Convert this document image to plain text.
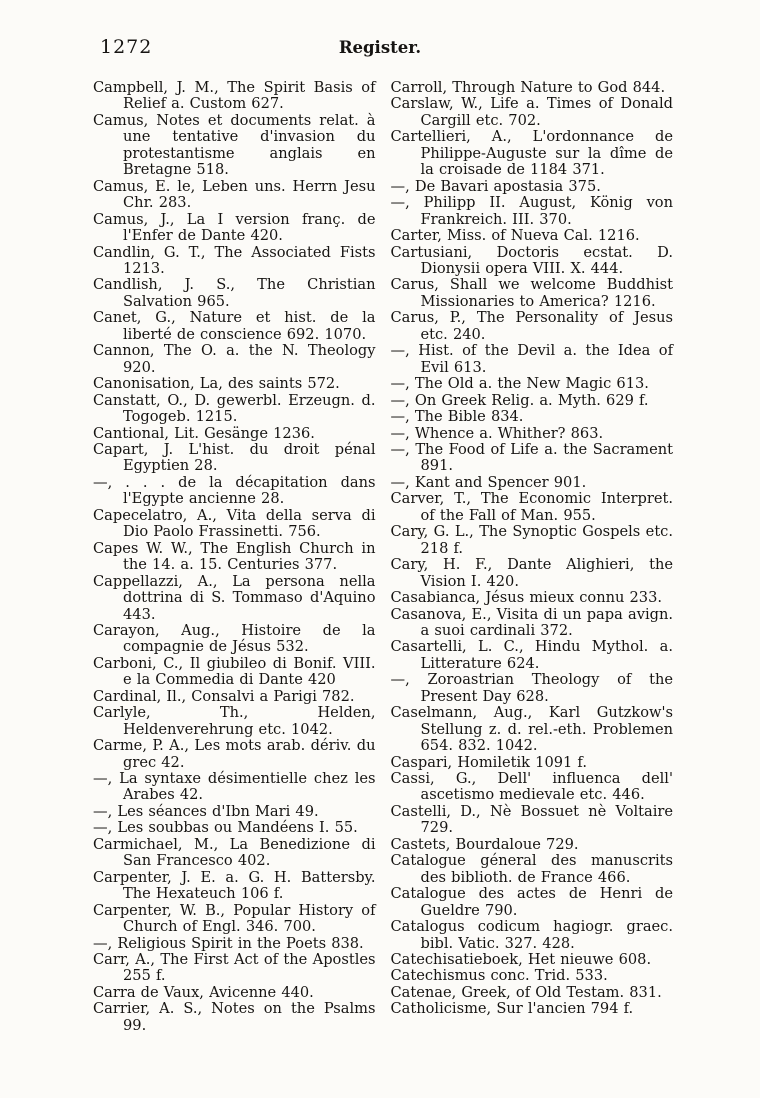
1272	Register.

Campbell, J. M., The Spirit Basis of Relief a. Custom 627.

Camus, Notes et documents relat. à une tentative d'invasion du protestantisme anglais en Bretagne 518.

Camus, E. le, Leben uns. Herrn Jesu Chr. 283.

Camus, J., La I version franç. de l'Enfer de Dante 420.

Candlin, G. T., The Associated Fists 1213.

Candlish, J. S., The Christian Salvation 965.

Canet, G., Nature et hist. de la liberté de conscience 692. 1070.

Cannon, The O. a. the N. Theology 920.

Canonisation, La, des saints 572.

Canstatt, O., D. gewerbl. Erzeugn. d. Togogeb. 1215.

Cantional, Lit. Gesänge 1236.

Capart, J. L'hist. du droit pénal Egyptien 28.

—, . . . de la décapitation dans l'Egypte ancienne 28.

Capecelatro, A., Vita della serva di Dio Paolo Frassinetti. 756.

Capes W. W., The English Church in the 14. a. 15. Centuries 377.

Cappellazzi, A., La persona nella dottrina di S. Tommaso d'Aquino 443.

Carayon, Aug., Histoire de la compagnie de Jésus 532.

Carboni, C., Il giubileo di Bonif. VIII. e la Commedia di Dante 420

Cardinal, Il., Consalvi a Parigi 782.

Carlyle, Th., Helden, Heldenverehrung etc. 1042.

Carme, P. A., Les mots arab. dériv. du grec 42.

—, La syntaxe désimentielle chez les Arabes 42.

—, Les séances d'Ibn Mari 49.

—, Les soubbas ou Mandéens I. 55.

Carmichael, M., La Benedizione di San Francesco 402.

Carpenter, J. E. a. G. H. Battersby. The Hexateuch 106 f.

Carpenter, W. B., Popular History of Church of Engl. 346. 700.

—, Religious Spirit in the Poets 838.

Carr, A., The First Act of the Apostles 255 f.

Carra de Vaux, Avicenne 440.

Carrier, A. S., Notes on the Psalms 99.

Carroll, Through Nature to God 844.

Carslaw, W., Life a. Times of Donald Cargill etc. 702.

Cartellieri, A., L'ordonnance de Philippe-Auguste sur la dîme de la croisade de 1184 371.

—, De Bavari apostasia 375.

—, Philipp II. August, König von Frankreich. III. 370.

Carter, Miss. of Nueva Cal. 1216.

Cartusiani, Doctoris ecstat. D. Dionysii opera VIII. X. 444.

Carus, Shall we welcome Buddhist Missionaries to America? 1216.

Carus, P., The Personality of Jesus etc. 240.

—, Hist. of the Devil a. the Idea of Evil 613.

—, The Old a. the New Magic 613.

—, On Greek Relig. a. Myth. 629 f.

—, The Bible 834.

—, Whence a. Whither? 863.

—, The Food of Life a. the Sacrament 891.

—, Kant and Spencer 901.

Carver, T., The Economic Interpret. of the Fall of Man. 955.

Cary, G. L., The Synoptic Gospels etc. 218 f.

Cary, H. F., Dante Alighieri, the Vision I. 420.

Casabianca, Jésus mieux connu 233.

Casanova, E., Visita di un papa avign. a suoi cardinali 372.

Casartelli, L. C., Hindu Mythol. a. Litterature 624.

—, Zoroastrian Theology of the Present Day 628.

Caselmann, Aug., Karl Gutzkow's Stellung z. d. rel.-eth. Problemen 654. 832. 1042.

Caspari, Homiletik 1091 f.

Cassi, G., Dell' influenca dell' ascetismo medievale etc. 446.

Castelli, D., Nè Bossuet nè Voltaire 729.

Castets, Bourdaloue 729.

Catalogue géneral des manuscrits des biblioth. de France 466.

Catalogue des actes de Henri de Gueldre 790.

Catalogus codicum hagiogr. graec. bibl. Vatic. 327. 428.

Catechisatieboek, Het nieuwe 608.

Catechismus conc. Trid. 533.

Catenae, Greek, of Old Testam. 831.

Catholicisme, Sur l'ancien 794 f.
